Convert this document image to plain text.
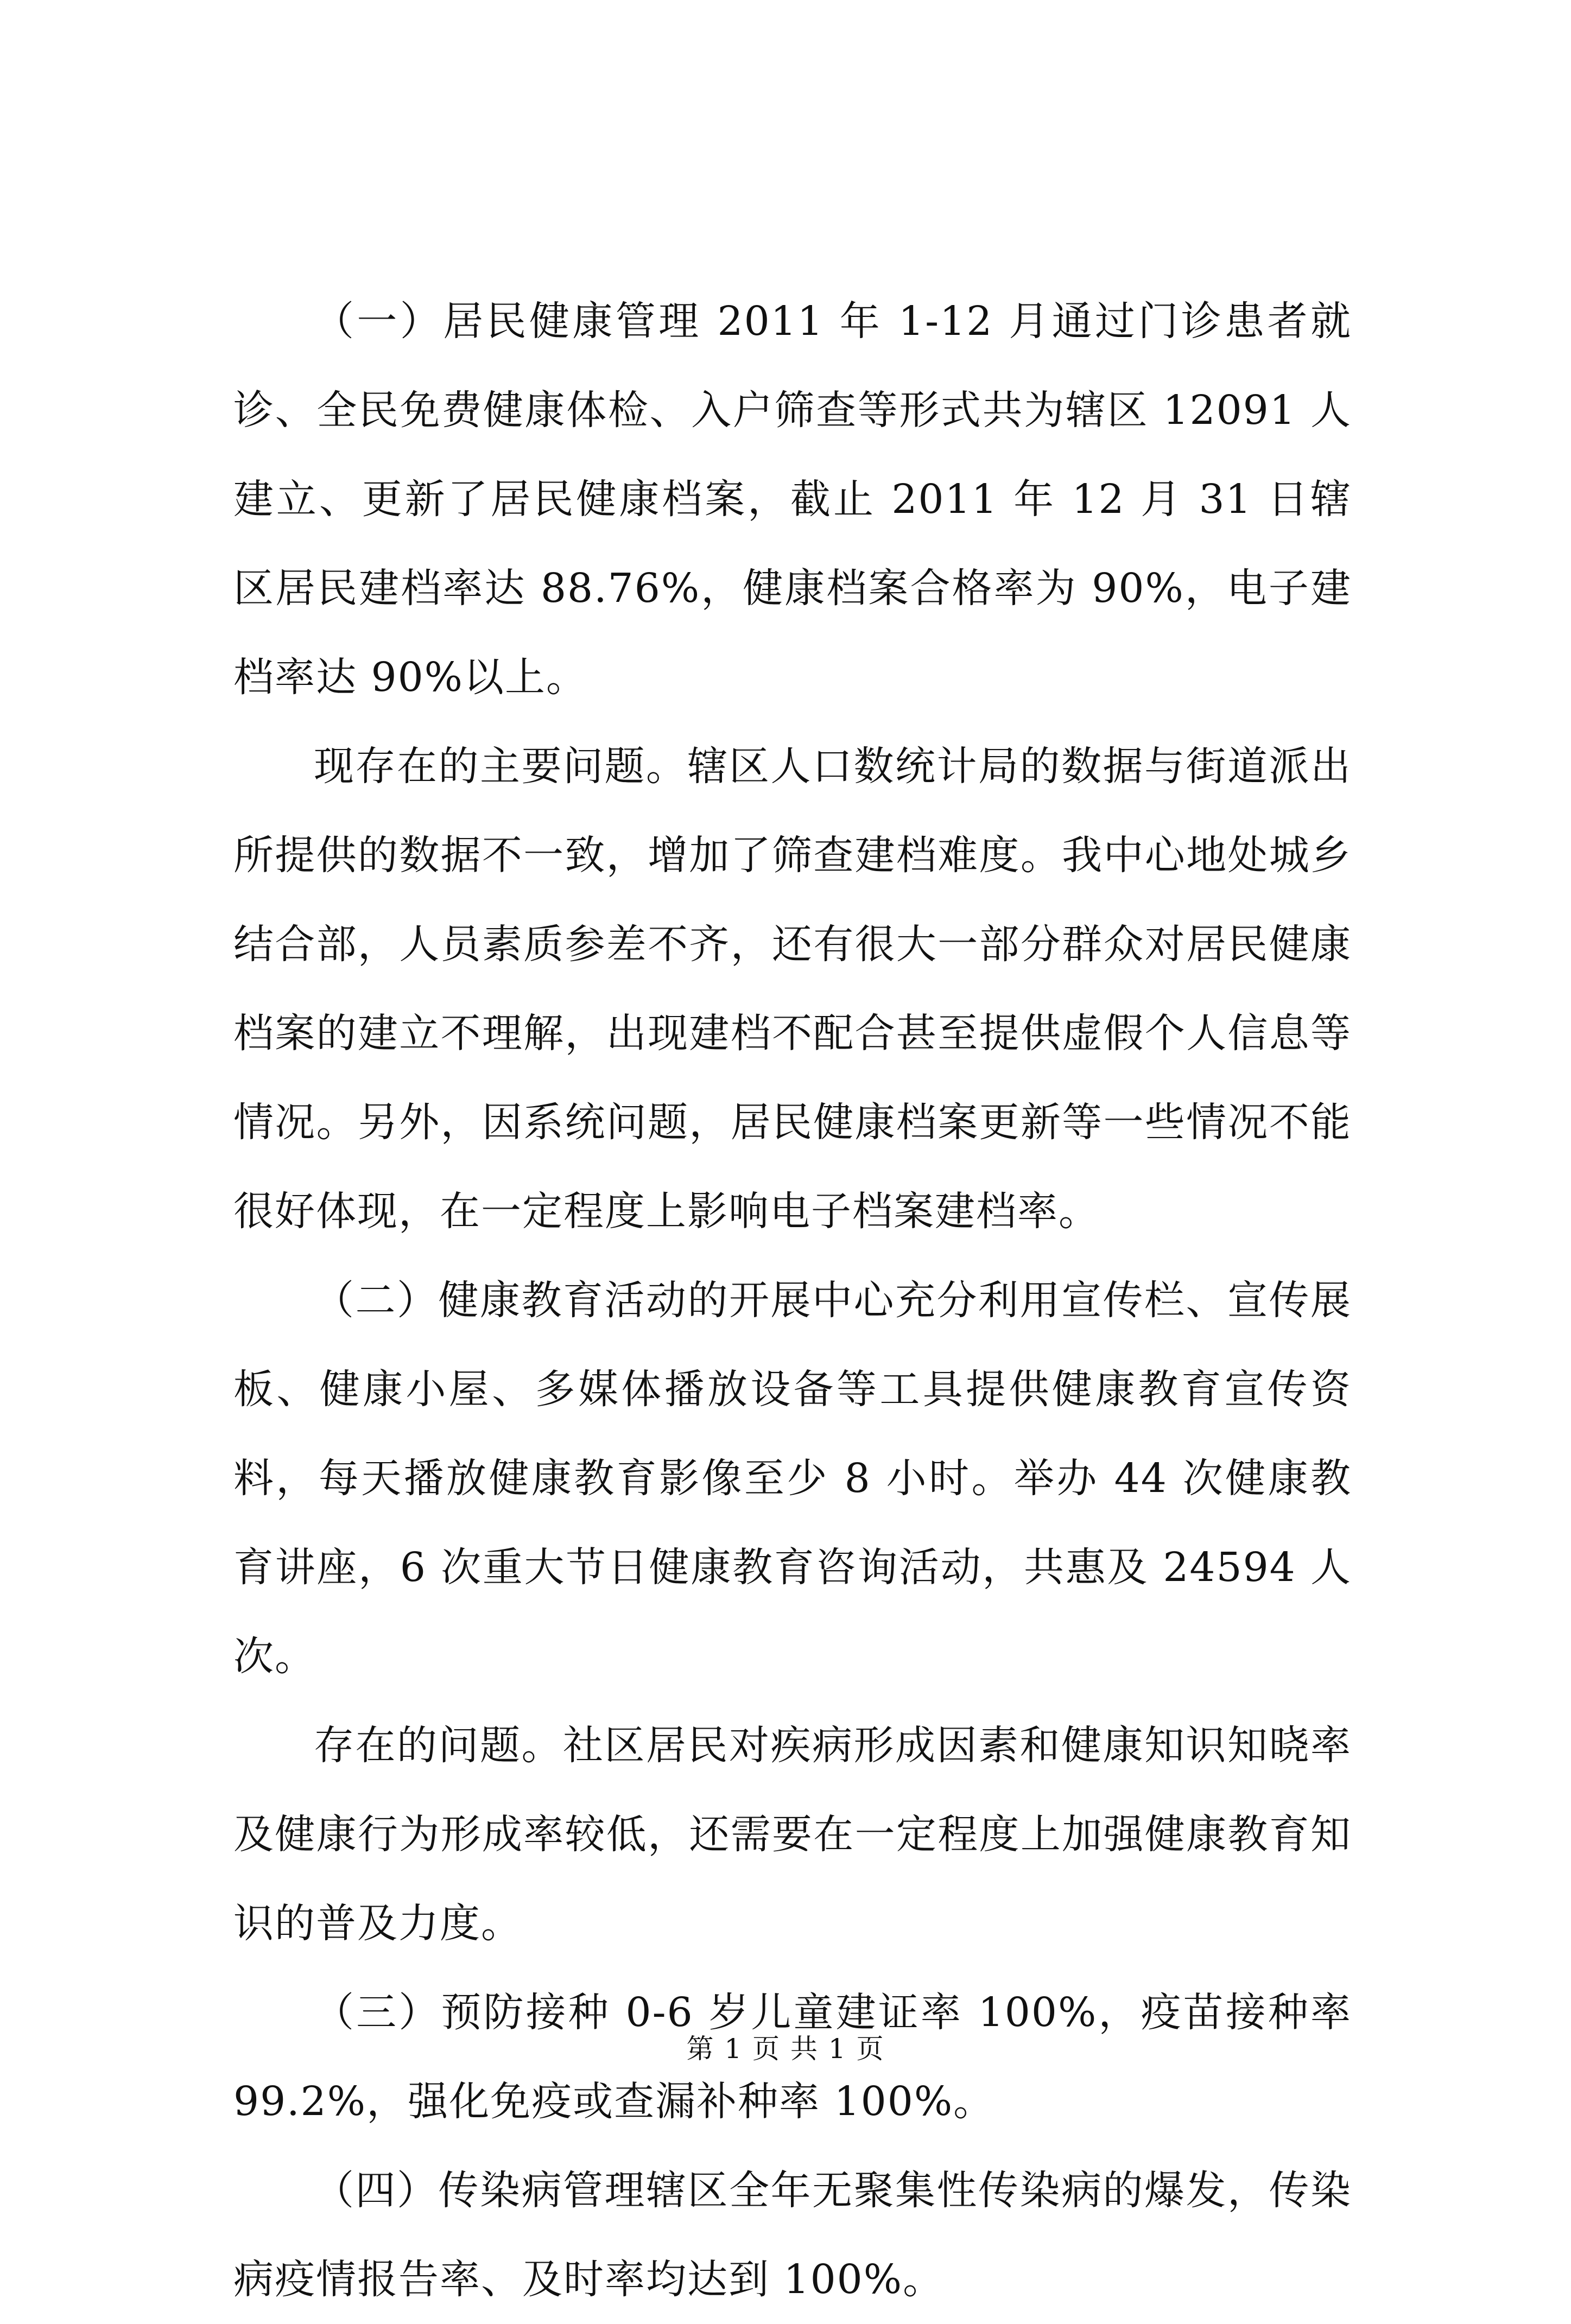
（一）居民健康管理 2011 年 1-12 月通过门诊患者就诊、全民免费健康体检、入户筛查等形式共为辖区 12091 人建立、更新了居民健康档案，截止 2011 年 12 月 31 日辖区居民建档率达 88.76%，健康档案合格率为 90%，电子建档率达 90%以上。

现存在的主要问题。辖区人口数统计局的数据与街道派出所提供的数据不一致，增加了筛查建档难度。我中心地处城乡结合部，人员素质参差不齐，还有很大一部分群众对居民健康档案的建立不理解，出现建档不配合甚至提供虚假个人信息等情况。另外，因系统问题，居民健康档案更新等一些情况不能很好体现，在一定程度上影响电子档案建档率。

（二）健康教育活动的开展中心充分利用宣传栏、宣传展板、健康小屋、多媒体播放设备等工具提供健康教育宣传资料，每天播放健康教育影像至少 8 小时。举办 44 次健康教育讲座，6 次重大节日健康教育咨询活动，共惠及 24594 人次。

存在的问题。社区居民对疾病形成因素和健康知识知晓率及健康行为形成率较低，还需要在一定程度上加强健康教育知识的普及力度。

（三）预防接种 0-6 岁儿童建证率 100%，疫苗接种率 99.2%，强化免疫或查漏补种率 100%。

（四）传染病管理辖区全年无聚集性传染病的爆发，传染病疫情报告率、及时率均达到 100%。

第 1 页 共 1 页
